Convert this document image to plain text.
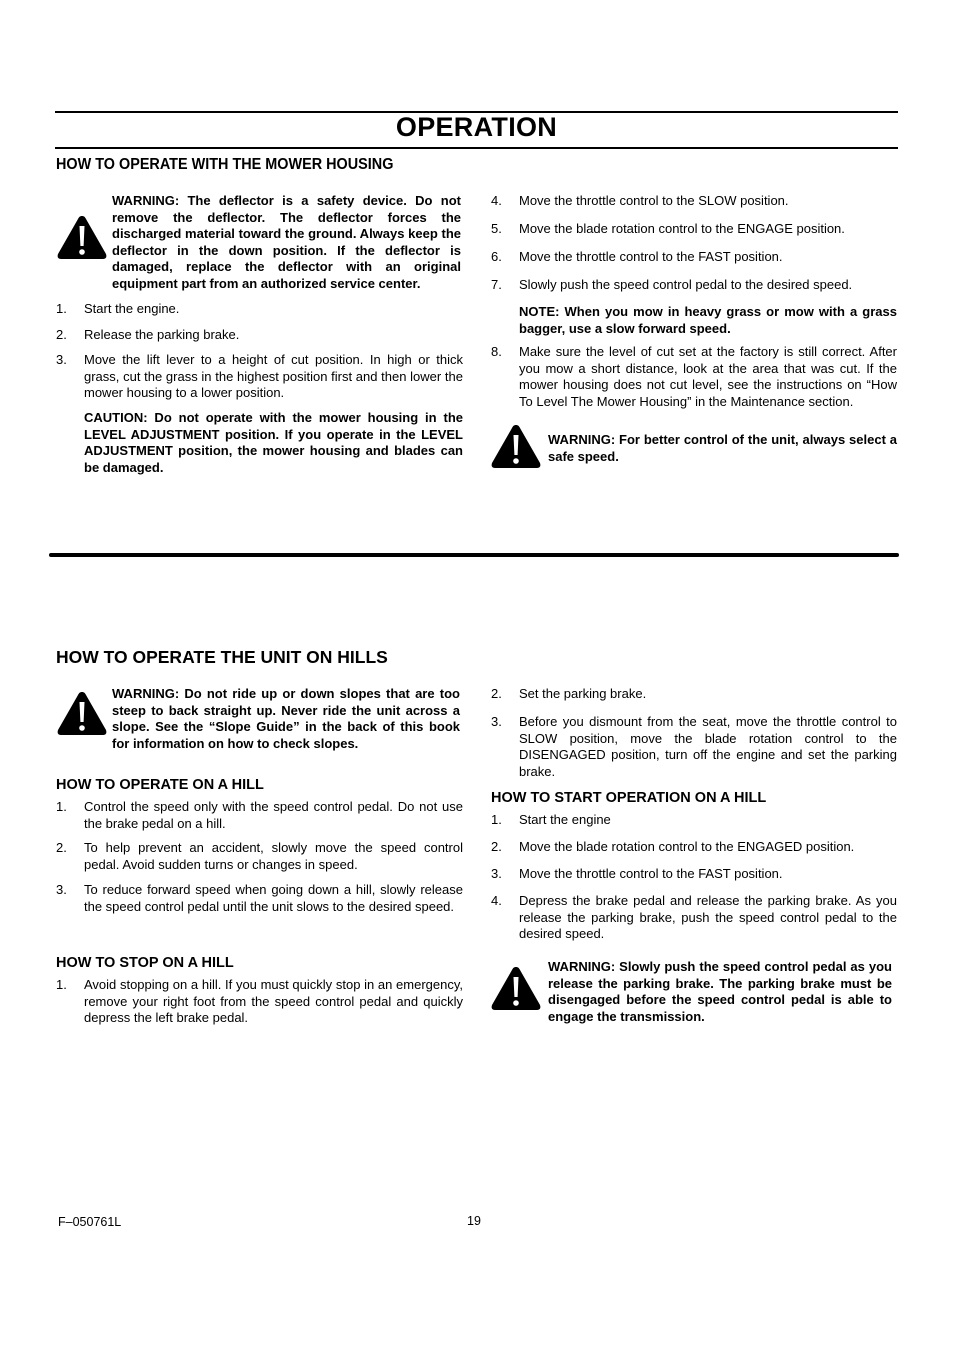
OPERATION
HOW TO OPERATE WITH THE MOWER HOUSING
WARNING: The deflector is a safety device. Do not remove the deflector. The deflector forces the discharged material toward the ground. Always keep the deflector in the down position. If the deflector is damaged, replace the deflector with an original equipment part from an authorized service center.
1. Start the engine.
2. Release the parking brake.
3. Move the lift lever to a height of cut position. In high or thick grass, cut the grass in the highest position first and then lower the mower housing to a lower position.
CAUTION: Do not operate with the mower housing in the LEVEL ADJUSTMENT position. If you operate in the LEVEL ADJUSTMENT position, the mower housing and blades can be damaged.
4. Move the throttle control to the SLOW position.
5. Move the blade rotation control to the ENGAGE position.
6. Move the throttle control to the FAST position.
7. Slowly push the speed control pedal to the desired speed.
NOTE: When you mow in heavy grass or mow with a grass bagger, use a slow forward speed.
8. Make sure the level of cut set at the factory is still correct. After you mow a short distance, look at the area that was cut. If the mower housing does not cut level, see the instructions on “How To Level The Mower Housing” in the Maintenance section.
WARNING: For better control of the unit, always select a safe speed.
HOW TO OPERATE THE UNIT ON HILLS
WARNING: Do not ride up or down slopes that are too steep to back straight up. Never ride the unit across a slope. See the “Slope Guide” in the back of this book for information on how to check slopes.
HOW TO OPERATE ON A HILL
1. Control the speed only with the speed control pedal. Do not use the brake pedal on a hill.
2. To help prevent an accident, slowly move the speed control pedal. Avoid sudden turns or changes in speed.
3. To reduce forward speed when going down a hill, slowly release the speed control pedal until the unit slows to the desired speed.
HOW TO STOP ON A HILL
1. Avoid stopping on a hill. If you must quickly stop in an emergency, remove your right foot from the speed control pedal and quickly depress the left brake pedal.
2. Set the parking brake.
3. Before you dismount from the seat, move the throttle control to SLOW position, move the blade rotation control to the DISENGAGED position, turn off the engine and set the parking brake.
HOW TO START OPERATION ON A HILL
1. Start the engine
2. Move the blade rotation control to the ENGAGED position.
3. Move the throttle control to the FAST position.
4. Depress the brake pedal and release the parking brake. As you release the parking brake, push the speed control pedal to the desired speed.
WARNING: Slowly push the speed control pedal as you release the parking brake. The parking brake must be disengaged before the speed control pedal is able to engage the transmission.
F–050761L	19
